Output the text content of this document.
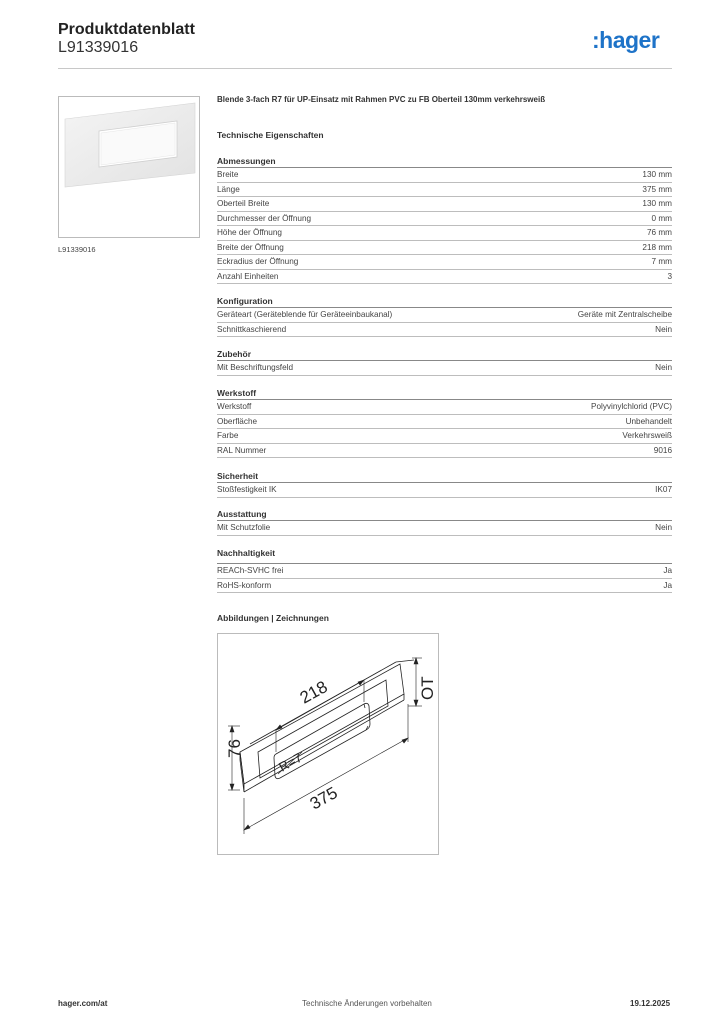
Produktdatenblatt
L91339016	:hager
L91339016
Blende 3-fach R7 für UP-Einsatz mit Rahmen PVC zu FB Oberteil 130mm verkehrsweiß
Technische Eigenschaften
Abmessungen
Breite	130 mm
Länge	375 mm
Oberteil Breite	130 mm
Durchmesser der Öffnung	0 mm
Höhe der Öffnung	76 mm
Breite der Öffnung	218 mm
Eckradius der Öffnung	7 mm
Anzahl Einheiten	3
Konfiguration
Geräteart (Geräteblende für Geräteeinbaukanal)	Geräte mit Zentralscheibe
Schnittkaschierend	Nein
Zubehör
Mit Beschriftungsfeld	Nein
Werkstoff
Werkstoff	Polyvinylchlorid (PVC)
Oberfläche	Unbehandelt
Farbe	Verkehrsweiß
RAL Nummer	9016
Sicherheit
Stoßfestigkeit IK	IK07
Ausstattung
Mit Schutzfolie	Nein
Nachhaltigkeit
REACh-SVHC frei	Ja
RoHS-konform	Ja
Abbildungen | Zeichnungen
218
76
R=7
375
OT
hager.com/at	Technische Änderungen vorbehalten	19.12.2025
